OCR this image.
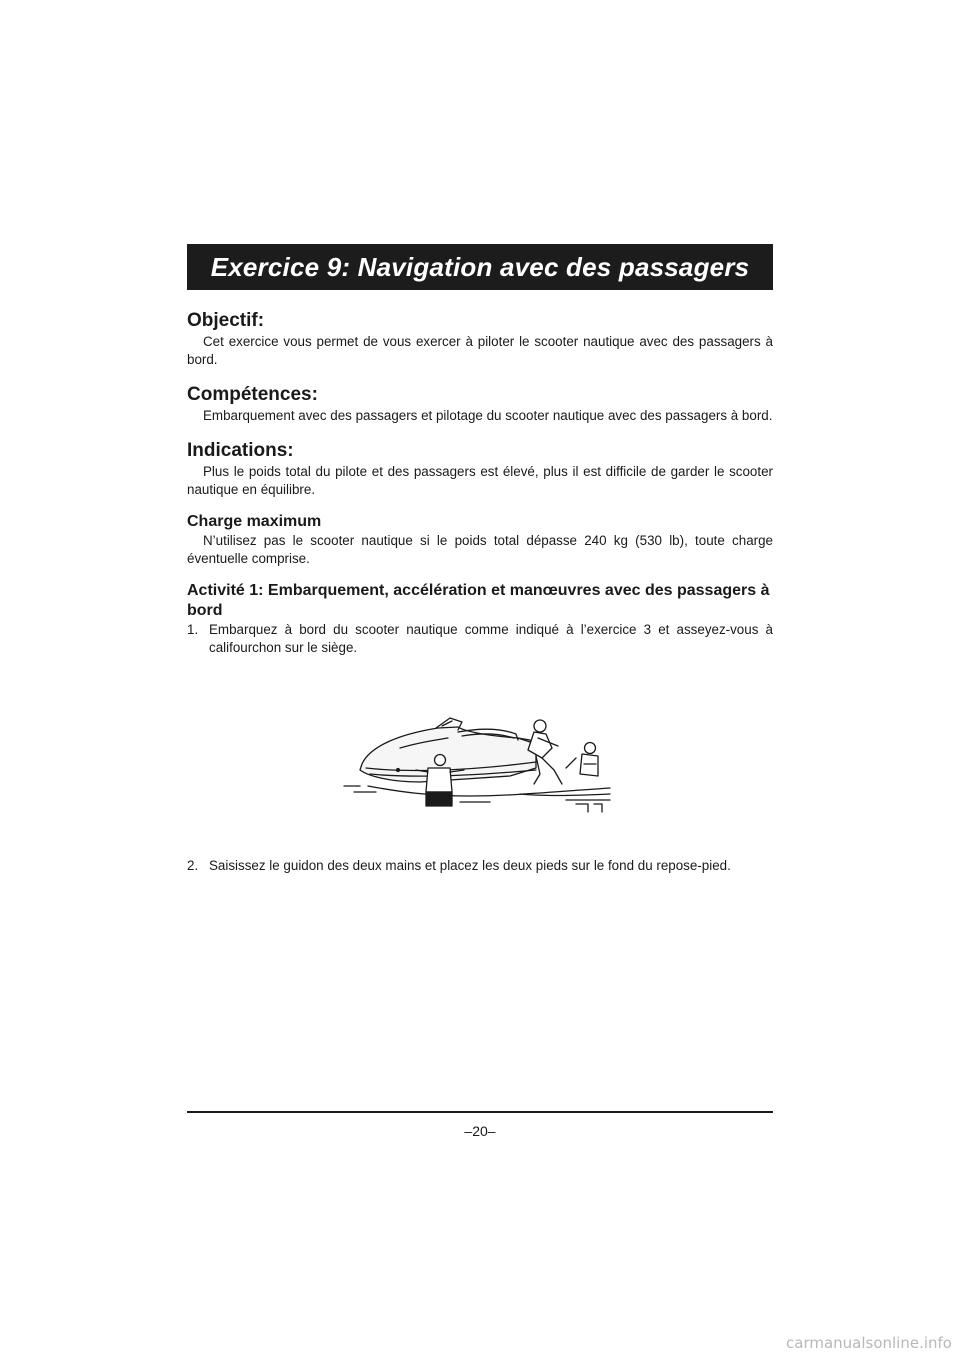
Exercice 9: Navigation avec des passagers
Objectif:

Cet exercice vous permet de vous exercer à piloter le scooter nautique avec des passagers à bord.

Compétences:

Embarquement avec des passagers et pilotage du scooter nautique avec des passagers à bord.

Indications:

Plus le poids total du pilote et des passagers est élevé, plus il est difficile de garder le scooter nautique en équilibre.

Charge maximum

N’utilisez pas le scooter nautique si le poids total dépasse 240 kg (530 lb), toute charge éventuelle comprise.

Activité 1: Embarquement, accélération et manœuvres avec des passagers à bord
1. Embarquez à bord du scooter nautique comme indiqué à l’exercice 3 et asseyez-vous à califourchon sur le siège.
2. Saisissez le guidon des deux mains et placez les deux pieds sur le fond du repose-pied.
–20–
carmanualsonline.info
